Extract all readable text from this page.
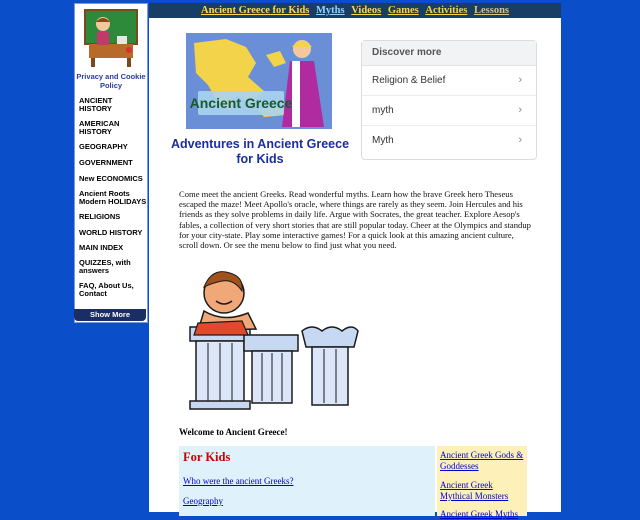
Privacy and Cookie Policy
ANCIENT HISTORY
AMERICAN HISTORY
GEOGRAPHY
GOVERNMENT
New ECONOMICS
Ancient Roots Modern HOLIDAYS
RELIGIONS
WORLD HISTORY
MAIN INDEX
QUIZZES, with answers
FAQ, About Us, Contact
Show More
Ancient Greece for Kids Myths Videos Games Activities Lessons
Ancient Greece
Adventures in Ancient Greece for Kids
Discover more
Religion & Belief	›
myth	›
Myth	›
Come meet the ancient Greeks. Read wonderful myths. Learn how the brave Greek hero Theseus escaped the maze! Meet Apollo's oracle, where things are rarely as they seem. Join Hercules and his friends as they solve problems in daily life. Argue with Socrates, the great teacher. Explore Aesop's fables, a collection of very short stories that are still popular today. Cheer at the Olympics and standup for your city-state. Play some interactive games! For a quick look at this amazing ancient culture, scroll down. Or see the menu below to find just what you need.
Welcome to Ancient Greece!
For Kids
Who were the ancient Greeks?
Geography
Ancient Greek Gods & Goddesses
Ancient Greek Mythical Monsters
Ancient Greek Myths
